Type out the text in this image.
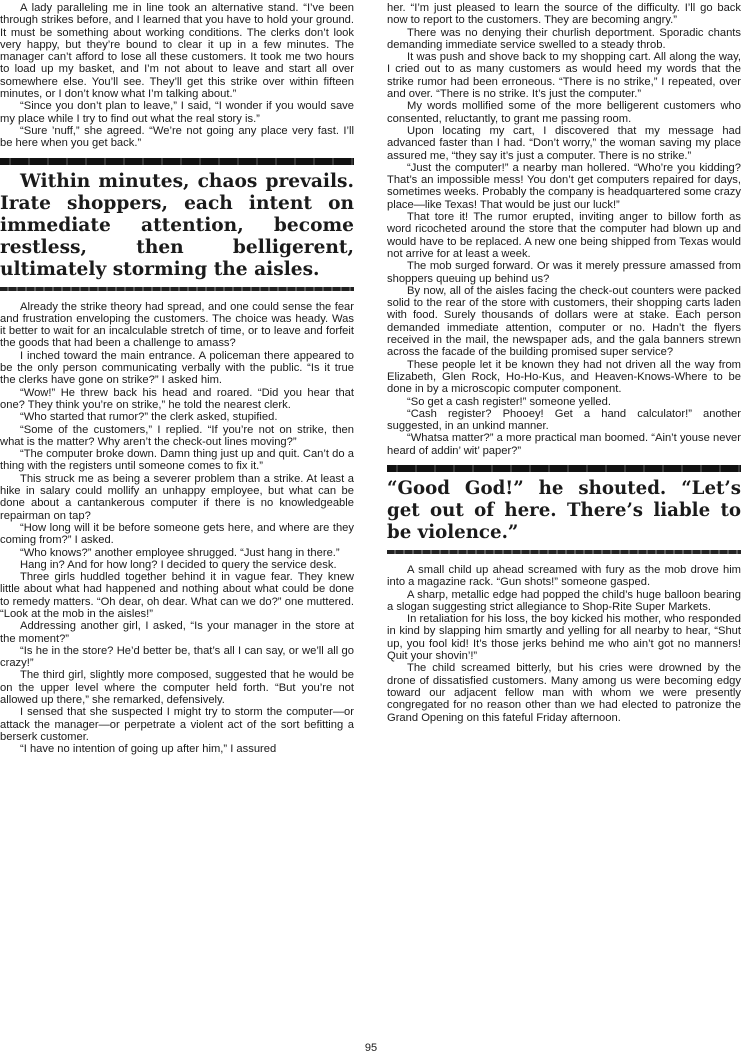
A lady paralleling me in line took an alternative stand. “I’ve been through strikes before, and I learned that you have to hold your ground. It must be something about working conditions. The clerks don’t look very happy, but they’re bound to clear it up in a few minutes. The manager can’t afford to lose all these customers. It took me two hours to load up my basket, and I’m not about to leave and start all over somewhere else. You’ll see. They’ll get this strike over within fifteen minutes, or I don’t know what I’m talking about.”

“Since you don’t plan to leave,” I said, “I wonder if you would save my place while I try to find out what the real story is.”

“Sure ’nuff,” she agreed. “We’re not going any place very fast. I’ll be here when you get back.”

Within minutes, chaos prevails. Irate shoppers, each intent on immediate attention, become restless, then belligerent, ultimately storming the aisles.

Already the strike theory had spread, and one could sense the fear and frustration enveloping the customers. The choice was heady. Was it better to wait for an incalculable stretch of time, or to leave and forfeit the goods that had been a challenge to amass?

I inched toward the main entrance. A policeman there appeared to be the only person communicating verbally with the public. “Is it true the clerks have gone on strike?” I asked him.

“Wow!” He threw back his head and roared. “Did you hear that one? They think you’re on strike,” he told the nearest clerk.

“Who started that rumor?” the clerk asked, stupified.

“Some of the customers,” I replied. “If you’re not on strike, then what is the matter? Why aren’t the check-out lines moving?”

“The computer broke down. Damn thing just up and quit. Can’t do a thing with the registers until someone comes to fix it.”

This struck me as being a severer problem than a strike. At least a hike in salary could mollify an unhappy employee, but what can be done about a cantankerous computer if there is no knowledgeable repairman on tap?

“How long will it be before someone gets here, and where are they coming from?” I asked.

“Who knows?” another employee shrugged. “Just hang in there.”

Hang in? And for how long? I decided to query the service desk.

Three girls huddled together behind it in vague fear. They knew little about what had happened and nothing about what could be done to remedy matters. “Oh dear, oh dear. What can we do?” one muttered. “Look at the mob in the aisles!”

Addressing another girl, I asked, “Is your manager in the store at the moment?”

“Is he in the store? He’d better be, that’s all I can say, or we’ll all go crazy!”

The third girl, slightly more composed, suggested that he would be on the upper level where the computer held forth. “But you’re not allowed up there,” she remarked, defensively.

I sensed that she suspected I might try to storm the computer—or attack the manager—or perpetrate a violent act of the sort befitting a berserk customer.

“I have no intention of going up after him,” I assured

her. “I’m just pleased to learn the source of the difficulty. I’ll go back now to report to the customers. They are becoming angry.”

There was no denying their churlish deportment. Sporadic chants demanding immediate service swelled to a steady throb.

It was push and shove back to my shopping cart. All along the way, I cried out to as many customers as would heed my words that the strike rumor had been erroneous. “There is no strike,” I repeated, over and over. “There is no strike. It’s just the computer.”

My words mollified some of the more belligerent customers who consented, reluctantly, to grant me passing room.

Upon locating my cart, I discovered that my message had advanced faster than I had. “Don’t worry,” the woman saving my place assured me, “they say it’s just a computer. There is no strike.”

“Just the computer!” a nearby man hollered. “Who’re you kidding? That’s an impossible mess! You don’t get computers repaired for days, sometimes weeks. Probably the company is headquartered some crazy place—like Texas! That would be just our luck!”

That tore it! The rumor erupted, inviting anger to billow forth as word ricocheted around the store that the computer had blown up and would have to be replaced. A new one being shipped from Texas would not arrive for at least a week.

The mob surged forward. Or was it merely pressure amassed from shoppers queuing up behind us?

By now, all of the aisles facing the check-out counters were packed solid to the rear of the store with customers, their shopping carts laden with food. Surely thousands of dollars were at stake. Each person demanded immediate attention, computer or no. Hadn’t the flyers received in the mail, the newspaper ads, and the gala banners strewn across the facade of the building promised super service?

These people let it be known they had not driven all the way from Elizabeth, Glen Rock, Ho-Ho-Kus, and Heaven-Knows-Where to be done in by a microscopic computer component.

“So get a cash register!” someone yelled.

“Cash register? Phooey! Get a hand calculator!” another suggested, in an unkind manner.

“Whatsa matter?” a more practical man boomed. “Ain’t youse never heard of addin’ wit’ paper?”

“Good God!” he shouted. “Let’s get out of here. There’s liable to be violence.”

A small child up ahead screamed with fury as the mob drove him into a magazine rack. “Gun shots!” someone gasped.

A sharp, metallic edge had popped the child’s huge balloon bearing a slogan suggesting strict allegiance to Shop-Rite Super Markets.

In retaliation for his loss, the boy kicked his mother, who responded in kind by slapping him smartly and yelling for all nearby to hear, “Shut up, you fool kid! It’s those jerks behind me who ain’t got no manners! Quit your shovin’!”

The child screamed bitterly, but his cries were drowned by the drone of dissatisfied customers. Many among us were becoming edgy toward our adjacent fellow man with whom we were presently congregated for no reason other than we had elected to patronize the Grand Opening on this fateful Friday afternoon.

95
